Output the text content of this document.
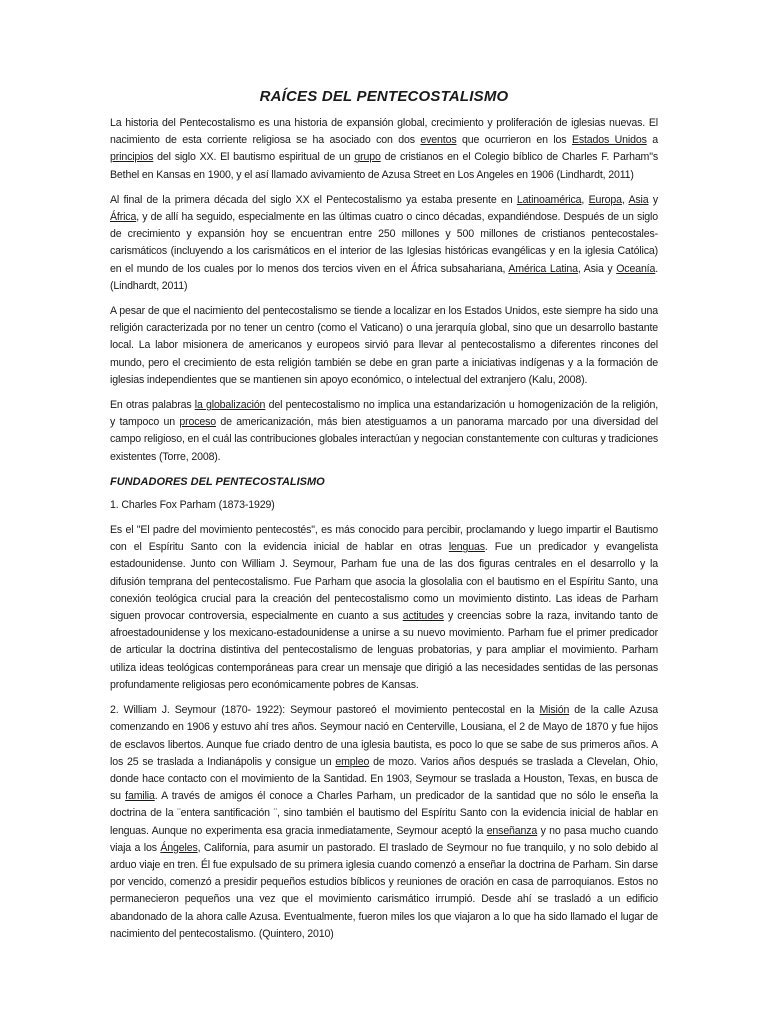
RAÍCES DEL PENTECOSTALISMO

La historia del Pentecostalismo es una historia de expansión global, crecimiento y proliferación de iglesias nuevas. El nacimiento de esta corriente religiosa se ha asociado con dos eventos que ocurrieron en los Estados Unidos a principios del siglo XX. El bautismo espiritual de un grupo de cristianos en el Colegio bíblico de Charles F. Parham"s Bethel en Kansas en 1900, y el así llamado avivamiento de Azusa Street en Los Angeles en 1906 (Lindhardt, 2011)

Al final de la primera década del siglo XX el Pentecostalismo ya estaba presente en Latinoamérica, Europa, Asia y África, y de allí ha seguido, especialmente en las últimas cuatro o cinco décadas, expandiéndose. Después de un siglo de crecimiento y expansión hoy se encuentran entre 250 millones y 500 millones de cristianos pentecostales-carismáticos (incluyendo a los carismáticos en el interior de las Iglesias históricas evangélicas y en la iglesia Católica) en el mundo de los cuales por lo menos dos tercios viven en el África subsahariana, América Latina, Asia y Oceanía. (Lindhardt, 2011)

A pesar de que el nacimiento del pentecostalismo se tiende a localizar en los Estados Unidos, este siempre ha sido una religión caracterizada por no tener un centro (como el Vaticano) o una jerarquía global, sino que un desarrollo bastante local. La labor misionera de americanos y europeos sirvió para llevar al pentecostalismo a diferentes rincones del mundo, pero el crecimiento de esta religión también se debe en gran parte a iniciativas indígenas y a la formación de iglesias independientes que se mantienen sin apoyo económico, o intelectual del extranjero (Kalu, 2008).

En otras palabras la globalización del pentecostalismo no implica una estandarización u homogenización de la religión, y tampoco un proceso de americanización, más bien atestiguamos a un panorama marcado por una diversidad del campo religioso, en el cuál las contribuciones globales interactúan y negocian constantemente con culturas y tradiciones existentes (Torre, 2008).

FUNDADORES DEL PENTECOSTALISMO

1. Charles Fox Parham (1873-1929)

Es el "El padre del movimiento pentecostés", es más conocido para percibir, proclamando y luego impartir el Bautismo con el Espíritu Santo con la evidencia inicial de hablar en otras lenguas. Fue un predicador y evangelista estadounidense. Junto con William J. Seymour, Parham fue una de las dos figuras centrales en el desarrollo y la difusión temprana del pentecostalismo. Fue Parham que asocia la glosolalia con el bautismo en el Espíritu Santo, una conexión teológica crucial para la creación del pentecostalismo como un movimiento distinto. Las ideas de Parham siguen provocar controversia, especialmente en cuanto a sus actitudes y creencias sobre la raza, invitando tanto de afroestadounidense y los mexicano-estadounidense a unirse a su nuevo movimiento. Parham fue el primer predicador de articular la doctrina distintiva del pentecostalismo de lenguas probatorias, y para ampliar el movimiento. Parham utiliza ideas teológicas contemporáneas para crear un mensaje que dirigió a las necesidades sentidas de las personas profundamente religiosas pero económicamente pobres de Kansas.

2. William J. Seymour (1870- 1922): Seymour pastoreó el movimiento pentecostal en la Misión de la calle Azusa comenzando en 1906 y estuvo ahí tres años. Seymour nació en Centerville, Lousiana, el 2 de Mayo de 1870 y fue hijos de esclavos libertos. Aunque fue criado dentro de una iglesia bautista, es poco lo que se sabe de sus primeros años. A los 25 se traslada a Indianápolis y consigue un empleo de mozo. Varios años después se traslada a Clevelan, Ohio, donde hace contacto con el movimiento de la Santidad. En 1903, Seymour se traslada a Houston, Texas, en busca de su familia. A través de amigos él conoce a Charles Parham, un predicador de la santidad que no sólo le enseña la doctrina de la ¨entera santificación ¨, sino también el bautismo del Espíritu Santo con la evidencia inicial de hablar en lenguas. Aunque no experimenta esa gracia inmediatamente, Seymour aceptó la enseñanza y no pasa mucho cuando viaja a los Ángeles, California, para asumir un pastorado. El traslado de Seymour no fue tranquilo, y no solo debido al arduo viaje en tren. Él fue expulsado de su primera iglesia cuando comenzó a enseñar la doctrina de Parham. Sin darse por vencido, comenzó a presidir pequeños estudios bíblicos y reuniones de oración en casa de parroquianos. Estos no permanecieron pequeños una vez que el movimiento carismático irrumpió. Desde ahí se trasladó a un edificio abandonado de la ahora calle Azusa. Eventualmente, fueron miles los que viajaron a lo que ha sido llamado el lugar de nacimiento del pentecostalismo. (Quintero, 2010)
